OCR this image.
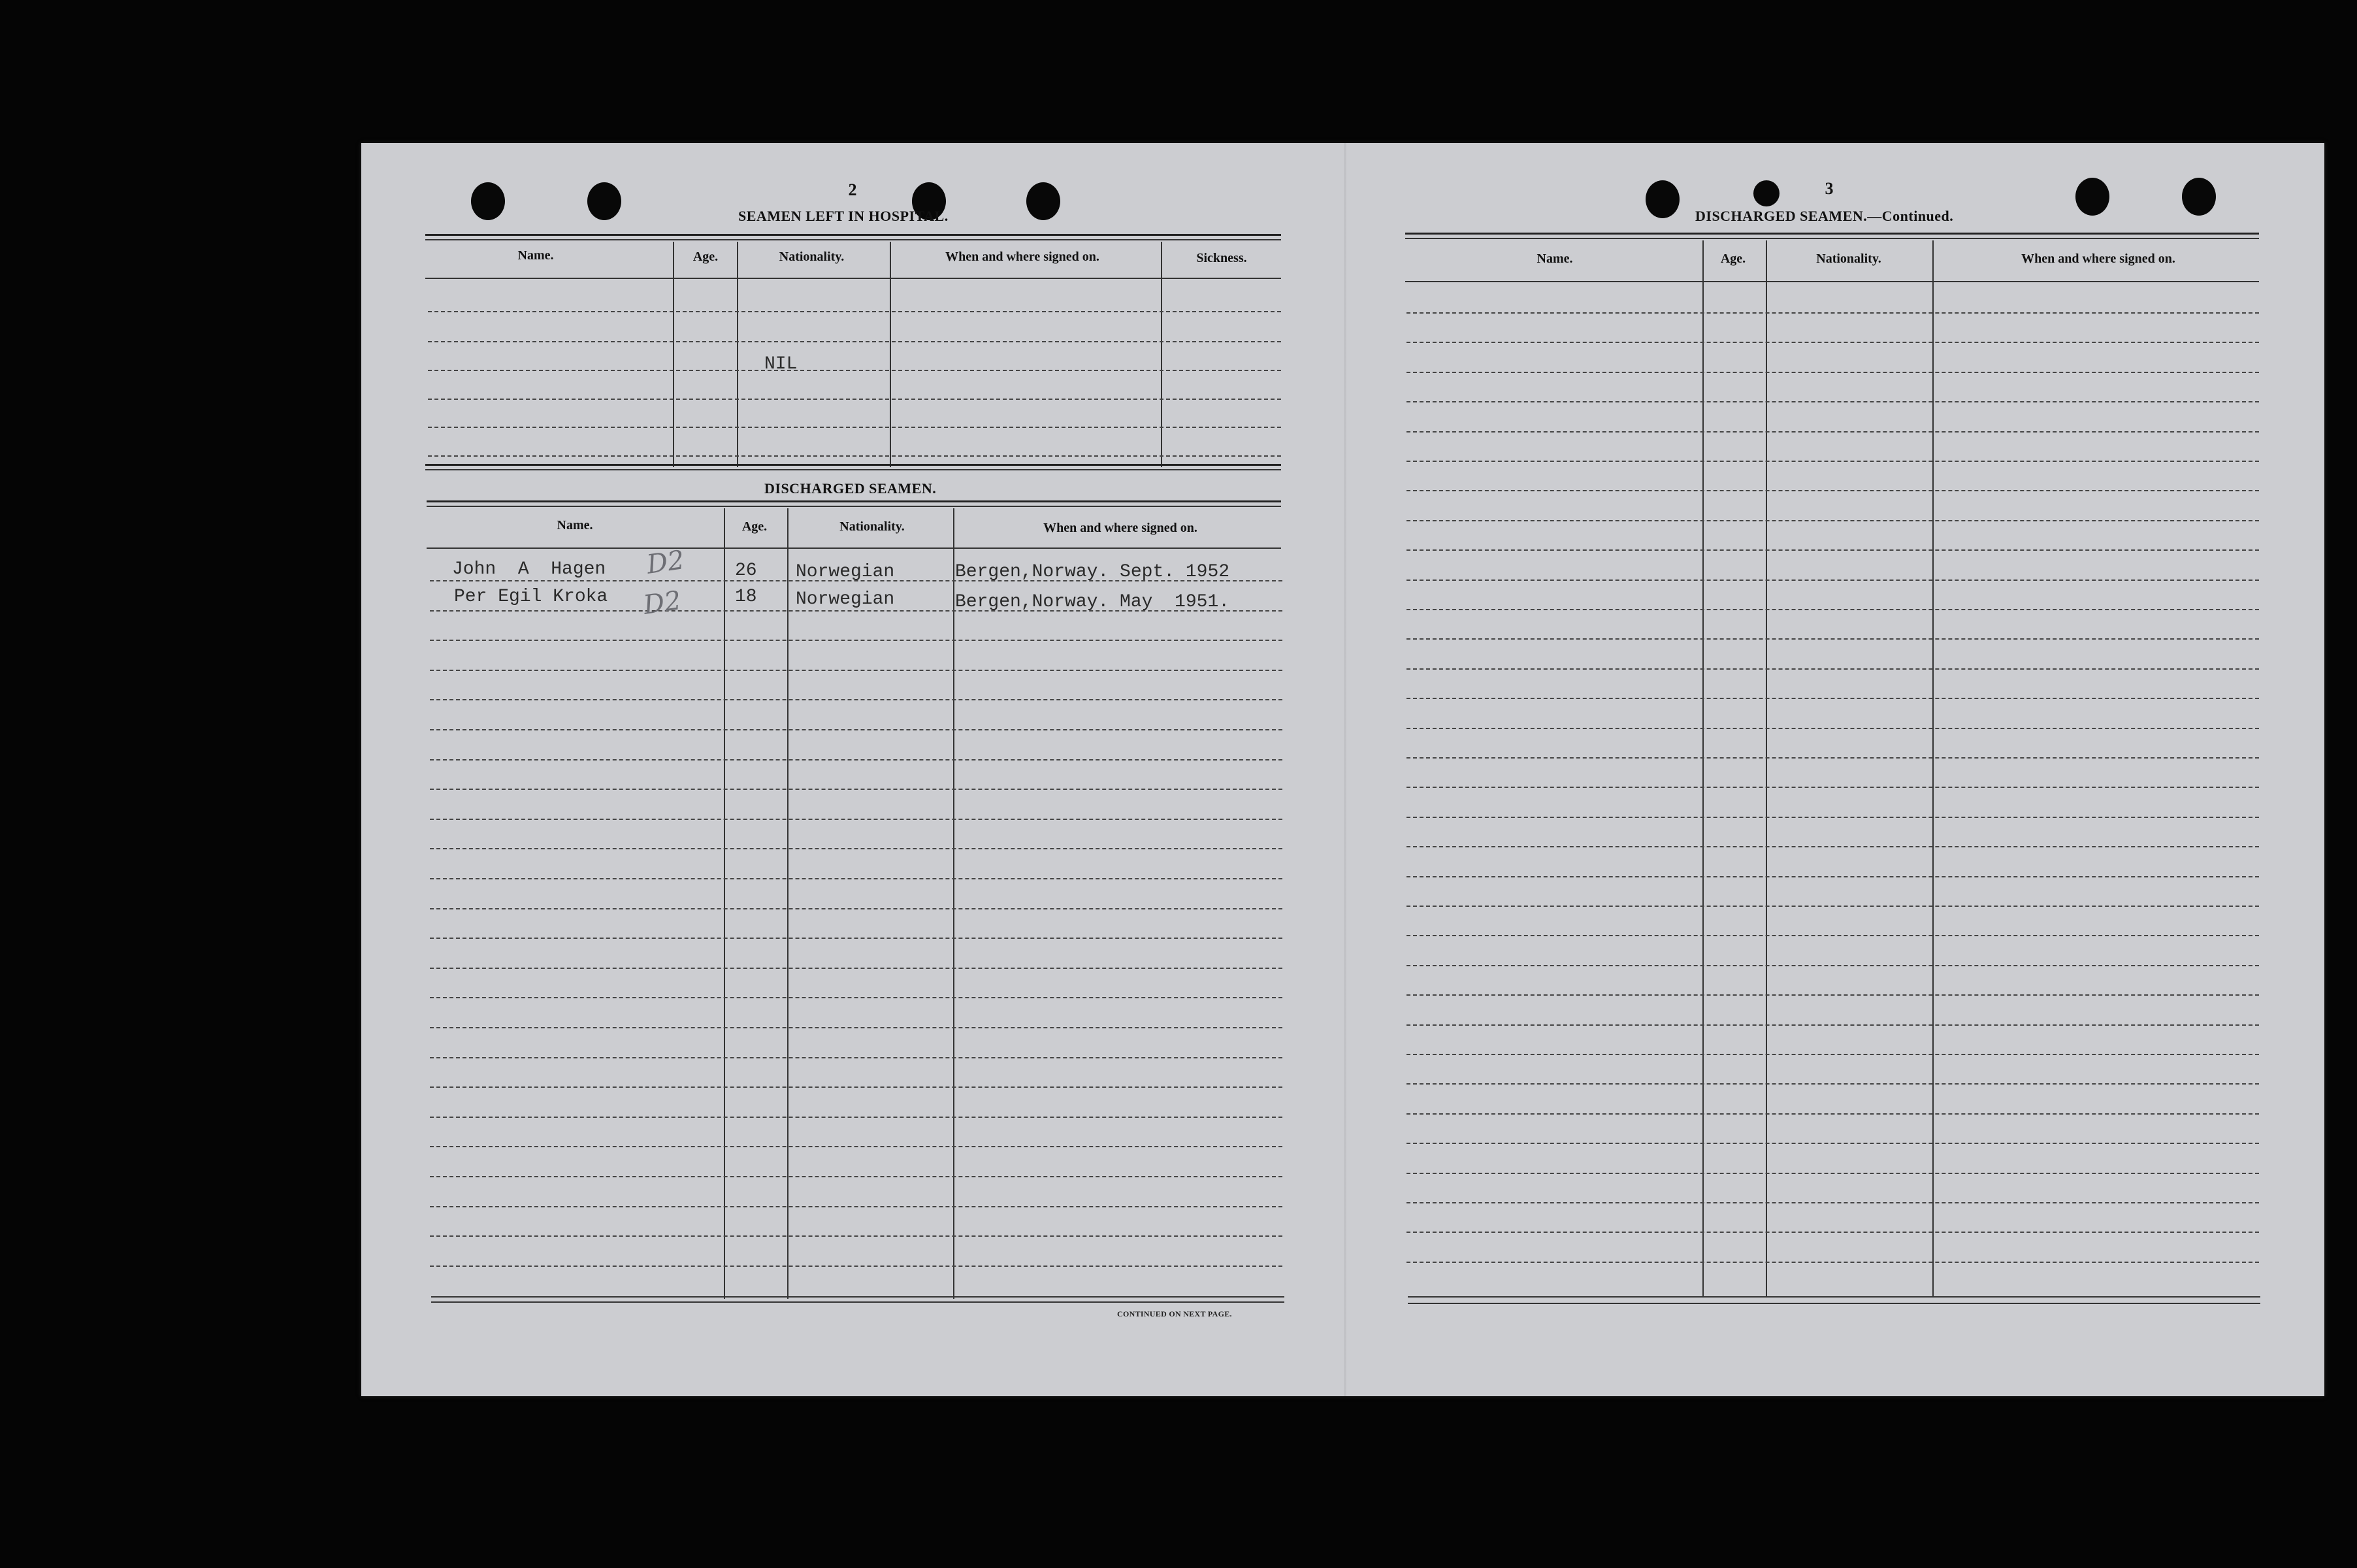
2
SEAMEN LEFT IN HOSPITAL.
Name.	Age.	Nationality.	When and where signed on.	Sickness.
NIL
DISCHARGED SEAMEN.
Name.	Age.	Nationality.	When and where signed on.
John  A  Hagen D2	26 Norwegian	Bergen,Norway. Sept. 1952
Per Egil Kroka D2	18 Norwegian	Bergen,Norway. May  1951.
CONTINUED ON NEXT PAGE.
3
DISCHARGED SEAMEN.—Continued.
Name.	Age.	Nationality.	When and where signed on.
